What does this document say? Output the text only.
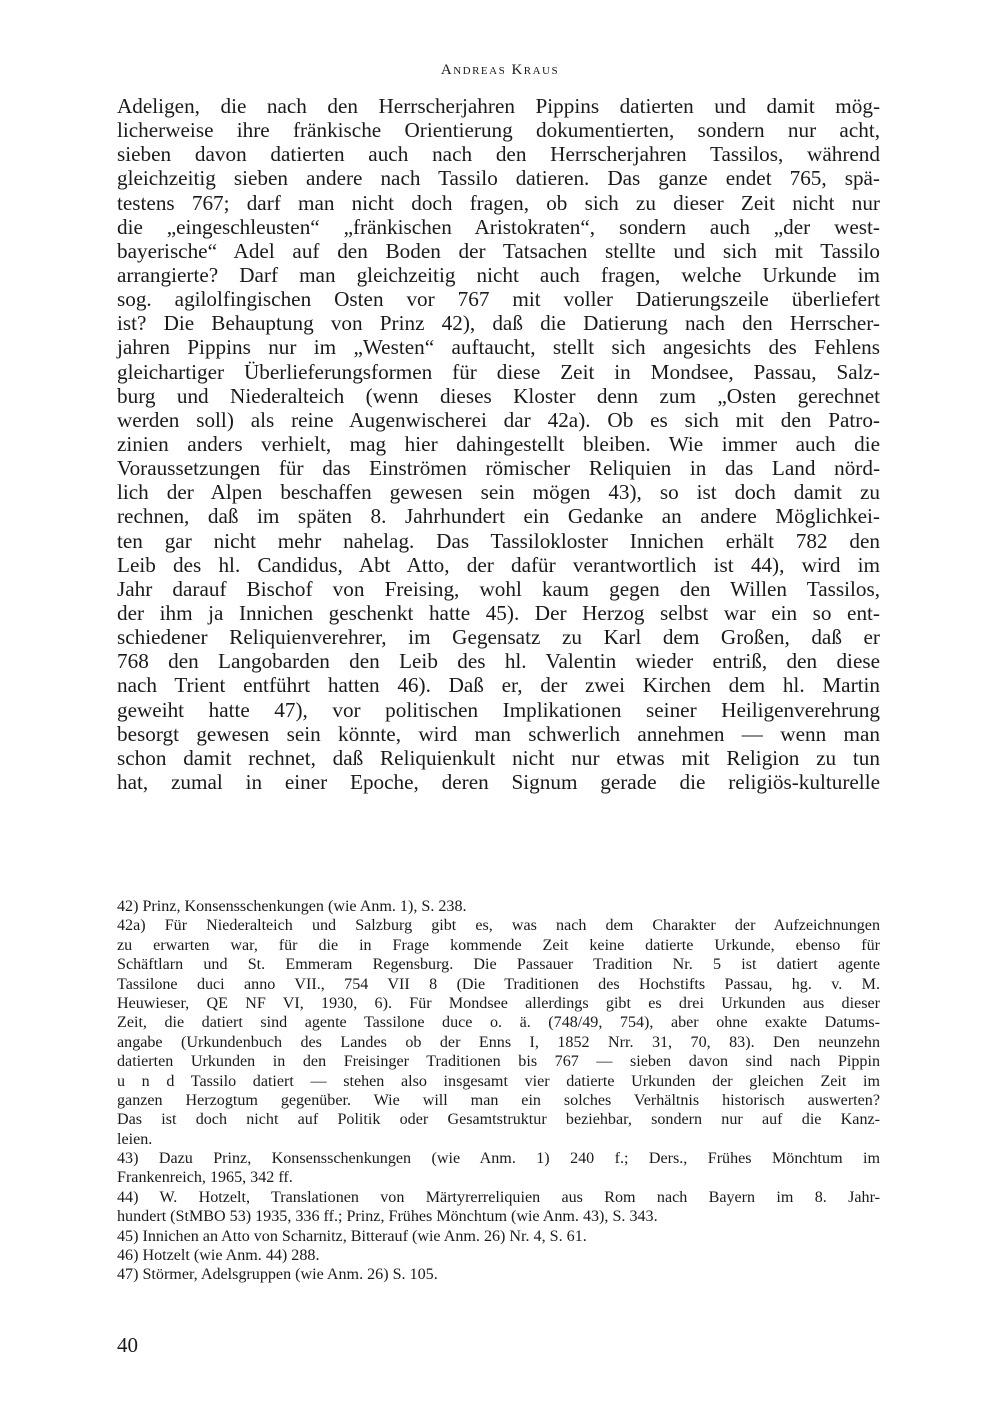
Andreas Kraus
Adeligen, die nach den Herrscherjahren Pippins datierten und damit mög-
licherweise ihre fränkische Orientierung dokumentierten, sondern nur acht,
sieben davon datierten auch nach den Herrscherjahren Tassilos, während
gleichzeitig sieben andere nach Tassilo datieren. Das ganze endet 765, spä-
testens 767; darf man nicht doch fragen, ob sich zu dieser Zeit nicht nur
die „eingeschleusten“ „fränkischen Aristokraten“, sondern auch „der west-
bayerische“ Adel auf den Boden der Tatsachen stellte und sich mit Tassilo
arrangierte? Darf man gleichzeitig nicht auch fragen, welche Urkunde im
sog. agilolfingischen Osten vor 767 mit voller Datierungszeile überliefert
ist? Die Behauptung von Prinz 42), daß die Datierung nach den Herrscher-
jahren Pippins nur im „Westen“ auftaucht, stellt sich angesichts des Fehlens
gleichartiger Überlieferungsformen für diese Zeit in Mondsee, Passau, Salz-
burg und Niederalteich (wenn dieses Kloster denn zum „Osten gerechnet
werden soll) als reine Augenwischerei dar 42a). Ob es sich mit den Patro-
zinien anders verhielt, mag hier dahingestellt bleiben. Wie immer auch die
Voraussetzungen für das Einströmen römischer Reliquien in das Land nörd-
lich der Alpen beschaffen gewesen sein mögen 43), so ist doch damit zu
rechnen, daß im späten 8. Jahrhundert ein Gedanke an andere Möglichkei-
ten gar nicht mehr nahelag. Das Tassilokloster Innichen erhält 782 den
Leib des hl. Candidus, Abt Atto, der dafür verantwortlich ist 44), wird im
Jahr darauf Bischof von Freising, wohl kaum gegen den Willen Tassilos,
der ihm ja Innichen geschenkt hatte 45). Der Herzog selbst war ein so ent-
schiedener Reliquienverehrer, im Gegensatz zu Karl dem Großen, daß er
768 den Langobarden den Leib des hl. Valentin wieder entriß, den diese
nach Trient entführt hatten 46). Daß er, der zwei Kirchen dem hl. Martin
geweiht hatte 47), vor politischen Implikationen seiner Heiligenverehrung
besorgt gewesen sein könnte, wird man schwerlich annehmen — wenn man
schon damit rechnet, daß Reliquienkult nicht nur etwas mit Religion zu tun
hat, zumal in einer Epoche, deren Signum gerade die religiös-kulturelle
42) Prinz, Konsensschenkungen (wie Anm. 1), S. 238.
42a) Für Niederalteich und Salzburg gibt es, was nach dem Charakter der Aufzeichnungen
zu erwarten war, für die in Frage kommende Zeit keine datierte Urkunde, ebenso für
Schäftlarn und St. Emmeram Regensburg. Die Passauer Tradition Nr. 5 ist datiert agente
Tassilone duci anno VII., 754 VII 8 (Die Traditionen des Hochstifts Passau, hg. v. M.
Heuwieser, QE NF VI, 1930, 6). Für Mondsee allerdings gibt es drei Urkunden aus dieser
Zeit, die datiert sind agente Tassilone duce o. ä. (748/49, 754), aber ohne exakte Datums-
angabe (Urkundenbuch des Landes ob der Enns I, 1852 Nrr. 31, 70, 83). Den neunzehn
datierten Urkunden in den Freisinger Traditionen bis 767 — sieben davon sind nach Pippin
u n d Tassilo datiert — stehen also insgesamt vier datierte Urkunden der gleichen Zeit im
ganzen Herzogtum gegenüber. Wie will man ein solches Verhältnis historisch auswerten?
Das ist doch nicht auf Politik oder Gesamtstruktur beziehbar, sondern nur auf die Kanz-
leien.
43) Dazu Prinz, Konsensschenkungen (wie Anm. 1) 240 f.; Ders., Frühes Mönchtum im
Frankenreich, 1965, 342 ff.
44) W. Hotzelt, Translationen von Märtyrerreliquien aus Rom nach Bayern im 8. Jahr-
hundert (StMBO 53) 1935, 336 ff.; Prinz, Frühes Mönchtum (wie Anm. 43), S. 343.
45) Innichen an Atto von Scharnitz, Bitterauf (wie Anm. 26) Nr. 4, S. 61.
46) Hotzelt (wie Anm. 44) 288.
47) Störmer, Adelsgruppen (wie Anm. 26) S. 105.
40
